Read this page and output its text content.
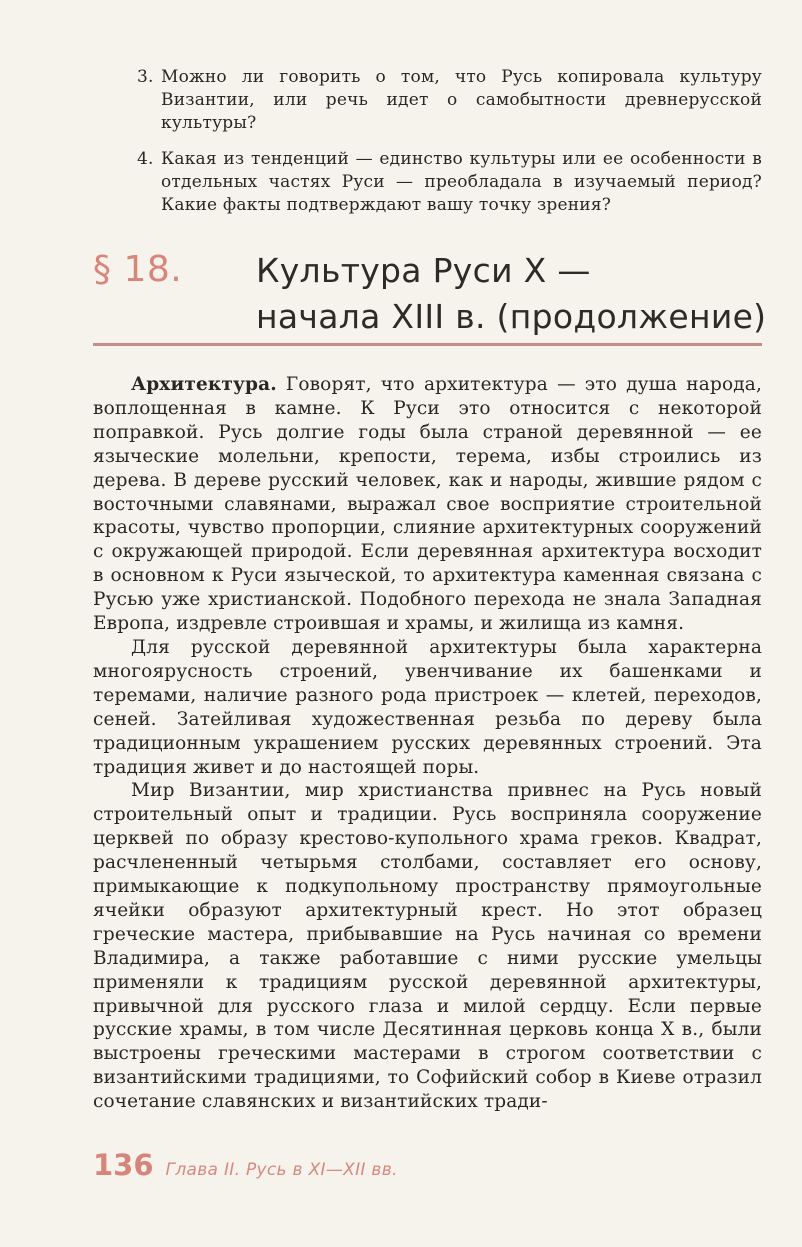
3. Можно ли говорить о том, что Русь копировала культуру Византии, или речь идет о самобытности древнерусской культуры?
4. Какая из тенденций — единство культуры или ее особенности в отдельных частях Руси — преобладала в изучаемый период? Какие факты подтверждают вашу точку зрения?
§ 18. Культура Руси Х —
начала ХIII в. (продолжение)

Архитектура. Говорят, что архитектура — это душа народа, воплощенная в камне. К Руси это относится с некоторой поправкой. Русь долгие годы была страной деревянной — ее языческие молельни, крепости, терема, избы строились из дерева. В дереве русский человек, как и народы, жившие рядом с восточными славянами, выражал свое восприятие строительной красоты, чувство пропорции, слияние архитектурных сооружений с окружающей природой. Если деревянная архитектура восходит в основном к Руси языческой, то архитектура каменная связана с Русью уже христианской. Подобного перехода не знала Западная Европа, издревле строившая и храмы, и жилища из камня.

Для русской деревянной архитектуры была характерна многоярусность строений, увенчивание их башенками и теремами, наличие разного рода пристроек — клетей, переходов, сеней. Затейливая художественная резьба по дереву была традиционным украшением русских деревянных строений. Эта традиция живет и до настоящей поры.

Мир Византии, мир христианства привнес на Русь новый строительный опыт и традиции. Русь восприняла сооружение церквей по образу крестово-купольного храма греков. Квадрат, расчлененный четырьмя столбами, составляет его основу, примыкающие к подкупольному пространству прямоугольные ячейки образуют архитектурный крест. Но этот образец греческие мастера, прибывавшие на Русь начиная со времени Владимира, а также работавшие с ними русские умельцы применяли к традициям русской деревянной архитектуры, привычной для русского глаза и милой сердцу. Если первые русские храмы, в том числе Десятинная церковь конца Х в., были выстроены греческими мастерами в строгом соответствии с византийскими традициями, то Софийский собор в Киеве отразил сочетание славянских и византийских тради-

136 Глава II. Русь в XI—XII вв.
